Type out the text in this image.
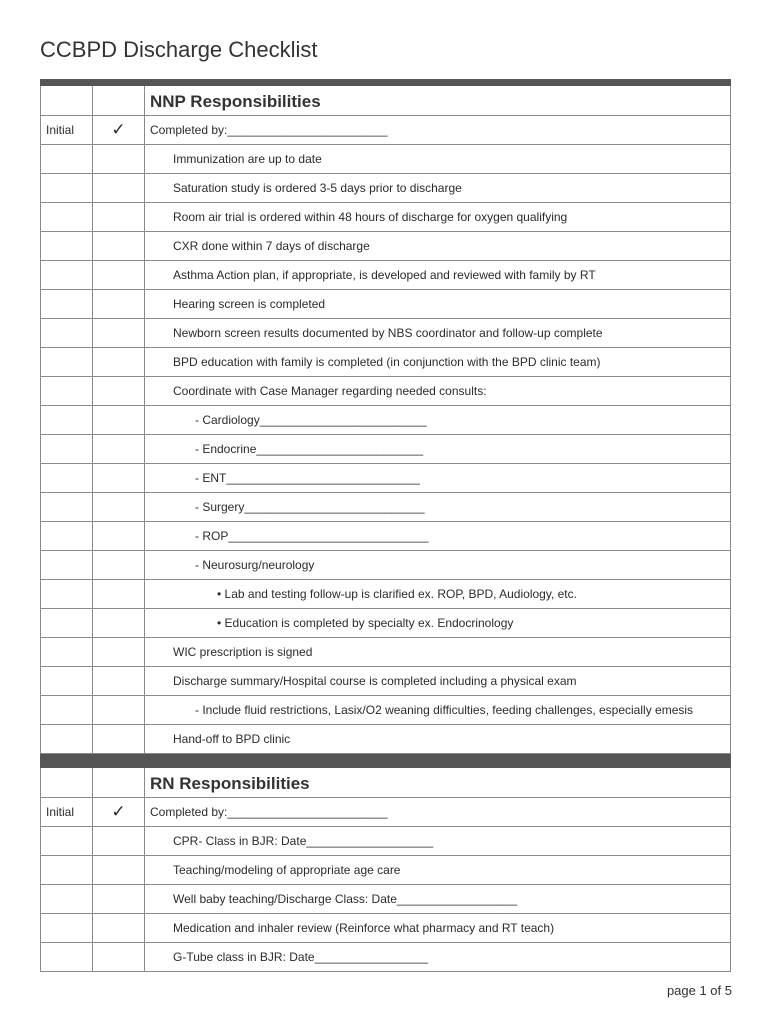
CCBPD Discharge Checklist

		NNP Responsibilities
Initial	✓	Completed by:________________________
		Immunization are up to date
		Saturation study is ordered 3-5 days prior to discharge
		Room air trial is ordered within 48 hours of discharge for oxygen qualifying
		CXR done within 7 days of discharge
		Asthma Action plan, if appropriate, is developed and reviewed with family by RT
		Hearing screen is completed
		Newborn screen results documented by NBS coordinator and follow-up complete
		BPD education with family is completed (in conjunction with the BPD clinic team)
		Coordinate with Case Manager regarding needed consults:
		- Cardiology_________________________
		- Endocrine_________________________
		- ENT_____________________________
		- Surgery___________________________
		- ROP______________________________
		- Neurosurg/neurology
		• Lab and testing follow-up is clarified ex. ROP, BPD, Audiology, etc.
		• Education is completed by specialty ex. Endocrinology
		WIC prescription is signed
		Discharge summary/Hospital course is completed including a physical exam
		- Include fluid restrictions, Lasix/O2 weaning difficulties, feeding challenges, especially emesis
		Hand-off to BPD clinic

		RN Responsibilities
Initial	✓	Completed by:________________________
		CPR- Class in BJR: Date___________________
		Teaching/modeling of appropriate age care
		Well baby teaching/Discharge Class: Date__________________
		Medication and inhaler review (Reinforce what pharmacy and RT teach)
		G-Tube class in BJR: Date_________________
page 1 of 5
